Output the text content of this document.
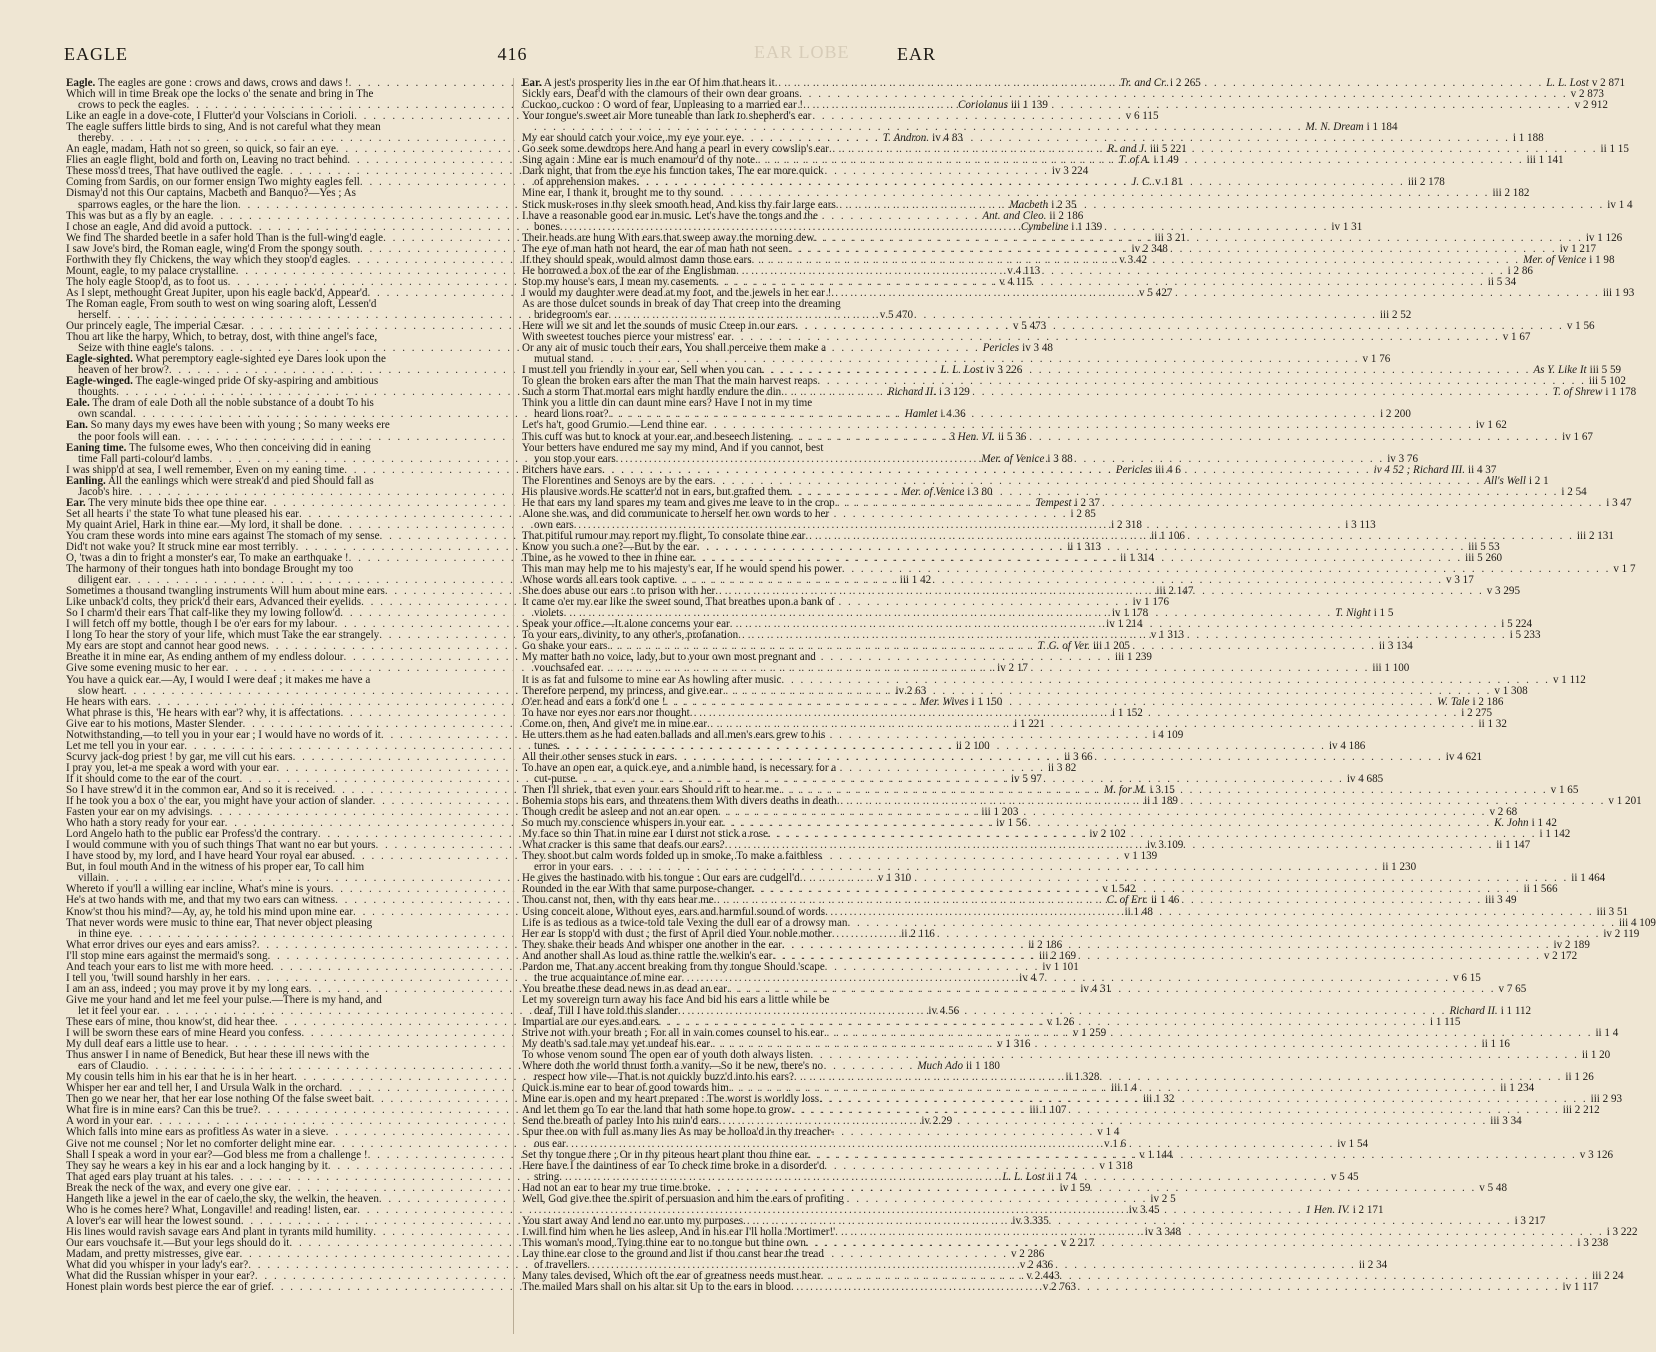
EAGLE	416	EAR
EAR LOBE
Eagle. The eagles are gone : crows and daws, crows and daws ! . . .	Tr. and Cr. i 2 265
Which will in time Break ope the locks o' the senate and bring in The
crows to peck the eagles . . .	Coriolanus iii 1 139
Like an eagle in a dove-cote, I Flutter'd your Volscians in Corioli . . .	v 6 115
The eagle suffers little birds to sing, And is not careful what they mean
thereby . . .	T. Andron. iv 4 83
An eagle, madam, Hath not so green, so quick, so fair an eye . . .	R. and J. iii 5 221
Flies an eagle flight, bold and forth on, Leaving no tract behind . . .	T. of A. i 1 49
These moss'd trees, That have outlived the eagle . . .	iv 3 224
Coming from Sardis, on our former ensign Two mighty eagles fell . . .	J. C. v 1 81
Dismay'd not this Our captains, Macbeth and Banquo?—Yes ; As
sparrows eagles, or the hare the lion . . .	Macbeth i 2 35
This was but as a fly by an eagle . . .	Ant. and Cleo. ii 2 186
I chose an eagle, And did avoid a puttock . . .	Cymbeline i 1 139
We find The sharded beetle in a safer hold Than is the full-wing'd eagle . . .	iii 3 21
I saw Jove's bird, the Roman eagle, wing'd From the spongy south . . .	iv 2 348
Forthwith they fly Chickens, the way which they stoop'd eagles . . .	v 3 42
Mount, eagle, to my palace crystalline . . .	v 4 113
The holy eagle Stoop'd, as to foot us . . .	v 4 115
As I slept, methought Great Jupiter, upon his eagle back'd, Appear'd . . .	v 5 427
The Roman eagle, From south to west on wing soaring aloft, Lessen'd
herself . . .	v 5 470
Our princely eagle, The imperial Cæsar . . .	v 5 473
Thou art like the harpy, Which, to betray, dost, with thine angel's face,
Seize with thine eagle's talons . . .	Pericles iv 3 48
Eagle-sighted. What peremptory eagle-sighted eye Dares look upon the
heaven of her brow? . . .	L. L. Lost iv 3 226
Eagle-winged. The eagle-winged pride Of sky-aspiring and ambitious
thoughts . . .	Richard II. i 3 129
Eale. The dram of eale Doth all the noble substance of a doubt To his
own scandal . . .	Hamlet i 4 36
Ean. So many days my ewes have been with young ; So many weeks ere
the poor fools will ean . . .	3 Hen. VI. ii 5 36
Eaning time. The fulsome ewes, Who then conceiving did in eaning
time Fall parti-colour'd lambs . . .	Mer. of Venice i 3 88
I was shipp'd at sea, I well remember, Even on my eaning time . . .	Pericles iii 4 6
Eanling. All the eanlings which were streak'd and pied Should fall as
Jacob's hire . . .	Mer. of Venice i 3 80
Ear. The very minute bids thee ope thine ear . . .	Tempest i 2 37
Set all hearts i' the state To what tune pleased his ear . . .	i 2 85
My quaint Ariel, Hark in thine ear.—My lord, it shall be done . . .	i 2 318
You cram these words into mine ears against The stomach of my sense . . .	ii 1 106
Did't not wake you? It struck mine ear most terribly . . .	ii 1 313
O, 'twas a din to fright a monster's ear, To make an earthquake ! . . .	ii 1 314
The harmony of their tongues hath into bondage Brought my too
diligent ear . . .	iii 1 42
Sometimes a thousand twangling instruments Will hum about mine ears . . .	iii 2 147
Like unback'd colts, they prick'd their ears, Advanced their eyelids . . .	iv 1 176
So I charm'd their ears That calf-like they my lowing follow'd . . .	iv 1 178
I will fetch off my bottle, though I be o'er ears for my labour . . .	iv 1 214
I long To hear the story of your life, which must Take the ear strangely . . .	v 1 313
My ears are stopt and cannot hear good news . . .	T. G. of Ver. iii 1 205
Breathe it in mine ear, As ending anthem of my endless dolour . . .	iii 1 239
Give some evening music to her ear . . .	iv 2 17
You have a quick ear.—Ay, I would I were deaf ; it makes me have a
slow heart . . .	iv 2 63
He hears with ears . . .	Mer. Wives i 1 150
What phrase is this, 'He hears with ear'? why, it is affectations . . .	i 1 152
Give ear to his motions, Master Slender . . .	i 1 221
Notwithstanding,—to tell you in your ear ; I would have no words of it . . .	i 4 109
Let me tell you in your ear . . .	ii 2 100
Scurvy jack-dog priest ! by gar, me vill cut his ears . . .	ii 3 66
I pray you, let-a me speak a word with your ear . . .	ii 3 82
If it should come to the ear of the court . . .	iv 5 97
So I have strew'd it in the common ear, And so it is received . . .	M. for M. i 3 15
If he took you a box o' the ear, you might have your action of slander . . .	ii 1 189
Fasten your ear on my advisings . . .	iii 1 203
Who hath a story ready for your ear . . .	iv 1 56
Lord Angelo hath to the public ear Profess'd the contrary . . .	iv 2 102
I would commune with you of such things That want no ear but yours . . .	iv 3 109
I have stood by, my lord, and I have heard Your royal ear abused . . .	v 1 139
But, in foul mouth And in the witness of his proper ear, To call him
villain . . .	v 1 310
Whereto if you'll a willing ear incline, What's mine is yours . . .	v 1 542
He's at two hands with me, and that my two ears can witness . . .	C. of Err. ii 1 46
Know'st thou his mind?—Ay, ay, he told his mind upon mine ear . . .	ii 1 48
That never words were music to thine ear, That never object pleasing
in thine eye . . .	ii 2 116
What error drives our eyes and ears amiss? . . .	ii 2 186
I'll stop mine ears against the mermaid's song . . .	iii 2 169
And teach your ears to list me with more heed . . .	iv 1 101
I tell you, 'twill sound harshly in her ears . . .	iv 4 7
I am an ass, indeed ; you may prove it by my long ears . . .	iv 4 31
Give me your hand and let me feel your pulse.—There is my hand, and
let it feel your ear . . .	iv 4 56
These ears of mine, thou know'st, did hear thee . . .	v 1 26
I will be sworn these ears of mine Heard you confess . . .	v 1 259
My dull deaf ears a little use to hear . . .	v 1 316
Thus answer I in name of Benedick, But hear these ill news with the
ears of Claudio . . .	Much Ado ii 1 180
My cousin tells him in his ear that he is in her heart . . .	ii 1 328
Whisper her ear and tell her, I and Ursula Walk in the orchard . . .	iii 1 4
Then go we near her, that her ear lose nothing Of the false sweet bait . . .	iii 1 32
What fire is in mine ears? Can this be true? . . .	iii 1 107
A word in your ear . . .	iv 2 29
Which falls into mine ears as profitless As water in a sieve . . .	v 1 4
Give not me counsel ; Nor let no comforter delight mine ear . . .	v 1 6
Shall I speak a word in your ear?—God bless me from a challenge ! . . .	v 1 144
They say he wears a key in his ear and a lock hanging by it . . .	v 1 318
That aged ears play truant at his tales . . .	L. L. Lost ii 1 74
Break the neck of the wax, and every one give ear . . .	iv 1 59
Hangeth like a jewel in the ear of caelo,the sky, the welkin, the heaven . . .	iv 2 5
Who is he comes here? What, Longaville! and reading! listen, ear . . .	iv 3 45
A lover's ear will hear the lowest sound . . .	iv 3 335
His lines would ravish savage ears And plant in tyrants mild humility . . .	iv 3 348
Our ears vouchsafe it.—But your legs should do it . . .	v 2 217
Madam, and pretty mistresses, give ear . . .	v 2 286
What did you whisper in your lady's ear? . . .	v 2 436
What did the Russian whisper in your ear? . . .	v 2 443
Honest plain words best pierce the ear of grief . . .	v 2 763
Ear. A jest's prosperity lies in the ear Of him that hears it . . .	L. L. Lost v 2 871
Sickly ears, Deaf'd with the clamours of their own dear groans . . .	v 2 873
Cuckoo, cuckoo : O word of fear, Unpleasing to a married ear ! . . .	v 2 912
Your tongue's sweet air More tuneable than lark to shepherd's ear
. . .
M. N. Dream i 1 184
My ear should catch your voice, my eye your eye . . .	i 1 188
Go seek some dewdrops here And hang a pearl in every cowslip's ear . . .	ii 1 15
Sing again : Mine ear is much enamour'd of thy note . . .	iii 1 141
Dark night, that from the eye his function takes, The ear more quick
of apprehension makes . . .	iii 2 178
Mine ear, I thank it, brought me to thy sound . . .	iii 2 182
Stick musk-roses in thy sleek smooth head, And kiss thy fair large ears . . .	iv 1 4
I have a reasonable good ear in music. Let's have the tongs and the
bones . . .	iv 1 31
Their heads are hung With ears that sweep away the morning dew . . .	iv 1 126
The eye of man hath not heard, the ear of man hath not seen . . .	iv 1 217
If they should speak, would almost damn those ears . . .	Mer. of Venice i 1 98
He borrowed a box of the ear of the Englishman . . .	i 2 86
Stop my house's ears, I mean my casements . . .	ii 5 34
I would my daughter were dead at my foot, and the jewels in her ear ! . . .	iii 1 93
As are those dulcet sounds in break of day That creep into the dreaming
bridegroom's ear . . .	iii 2 52
Here will we sit and let the sounds of music Creep in our ears . . .	v 1 56
With sweetest touches pierce your mistress' ear . . .	v 1 67
Or any air of music touch their ears, You shall perceive them make a
mutual stand . . .	v 1 76
I must tell you friendly in your ear, Sell when you can . . .	As Y. Like It iii 5 59
To glean the broken ears after the man That the main harvest reaps . . .	iii 5 102
Such a storm That mortal ears might hardly endure the din . . .	T. of Shrew i 1 178
Think you a little din can daunt mine ears? Have I not in my time
heard lions roar? . . .	i 2 200
Let's ha't, good Grumio.—Lend thine ear . . .	iv 1 62
This cuff was but to knock at your ear, and beseech listening . . .	iv 1 67
Your betters have endured me say my mind, And if you cannot, best
you stop your ears . . .	iv 3 76
Pitchers have ears . . .	iv 4 52 ; Richard III. ii 4 37
The Florentines and Senoys are by the ears . . .	All's Well i 2 1
His plausive words He scatter'd not in ears, but grafted them . . .	i 2 54
He that ears my land spares my team and gives me leave to in the crop . . .	i 3 47
Alone she was, and did communicate to herself her own words to her
own ears . . .	i 3 113
That pitiful rumour may report my flight, To consolate thine ear . . .	iii 2 131
Know you such a one?—But by the ear . . .	iii 5 53
Thine, as he vowed to thee in thine ear . . .	iii 5 260
This man may help me to his majesty's ear, If he would spend his power . . .	v 1 7
Whose words all ears took captive . . .	v 3 17
She does abuse our ears : to prison with her . . .	v 3 295
It came o'er my ear like the sweet sound, That breathes upon a bank of
violets . . .	T. Night i 1 5
Speak your office.—It alone concerns your ear . . .	i 5 224
To your ears, divinity, to any other's, profanation . . .	i 5 233
Go shake your ears . . .	ii 3 134
My matter hath no voice, lady, but to your own most pregnant and
vouchsafed ear . . .	iii 1 100
It is as fat and fulsome to mine ear As howling after music . . .	v 1 112
Therefore perpend, my princess, and give ear . . .	v 1 308
O'er head and ears a fork'd one ! . . .	W. Tale i 2 186
To have nor eyes nor ears nor thought . . .	i 2 275
Come on, then, And give't me in mine ear . . .	ii 1 32
He utters them as he had eaten ballads and all men's ears grew to his
tunes . . .	iv 4 186
All their other senses stuck in ears . . .	iv 4 621
To have an open ear, a quick eye, and a nimble hand, is necessary for a
cut-purse . . .	iv 4 685
Then I'll shriek, that even your ears Should rift to hear me . . .	v 1 65
Bohemia stops his ears, and threatens them With divers deaths in death . . .	v 1 201
Though credit be asleep and not an ear open . . .	v 2 68
So much my conscience whispers in your ear . . .	K. John i 1 42
My face so thin That in mine ear I durst not stick a rose . . .	i 1 142
What cracker is this same that deafs our ears? . . .	ii 1 147
They shoot but calm words folded up in smoke, To make a faithless
error in your ears . . .	ii 1 230
He gives the bastinado with his tongue : Our ears are cudgell'd . . .	ii 1 464
Rounded in the ear With that same purpose-changer . . .	ii 1 566
Thou canst not, then, with thy ears hear me . . .	iii 3 49
Using conceit alone, Without eyes, ears and harmful sound of words . . .	iii 3 51
Life is as tedious as a twice-told tale Vexing the dull ear of a drowsy man . . .	iii 4 109
Her ear Is stopp'd with dust ; the first of April died Your noble mother . . .	iv 2 119
They shake their heads And whisper one another in the ear . . .	iv 2 189
And another shall As loud as thine rattle the welkin's ear . . .	v 2 172
Pardon me, That any accent breaking from thy tongue Should 'scape
the true acquaintance of mine ear . . .	v 6 15
You breathe these dead news in as dead an ear . . .	v 7 65
Let my sovereign turn away his face And bid his ears a little while be
deaf, Till I have told this slander . . .	Richard II. i 1 112
Impartial are our eyes and ears . . .	i 1 115
Strive not with your breath ; For all in vain comes counsel to his ear . . .	ii 1 4
My death's sad tale may yet undeaf his ear . . .	ii 1 16
To whose venom sound The open ear of youth doth always listen . . .	ii 1 20
Where doth the world thrust forth a vanity—So it be new, there's no
respect how vile—That is not quickly buzz'd into his ears? . . .	ii 1 26
Quick is mine ear to hear of good towards him . . .	ii 1 234
Mine ear is open and my heart prepared : The worst is worldly loss . . .	iii 2 93
And let them go To ear the land that hath some hope to grow . . .	iii 2 212
Send the breath of parley Into his ruin'd ears . . .	iii 3 34
Spur thee on with full as many lies As may be holloa'd in thy treacher-
ous ear . . .	iv 1 54
Set thy tongue there ; Or in thy piteous heart plant thou thine ear . . .	v 3 126
Here have I the daintiness of ear To check time broke in a disorder'd
string . . .	v 5 45
Had not an ear to hear my true time broke . . .	v 5 48
Well, God give thee the spirit of persuasion and him the ears of profiting
. . .
1 Hen. IV. i 2 171
You start away And lend no ear unto my purposes . . .	i 3 217
I will find him when he lies asleep, And in his ear I'll holla 'Mortimer!' . . .	i 3 222
This woman's mood, Tying thine ear to no tongue but thine own . . .	i 3 238
Lay thine ear close to the ground and list if thou canst hear the tread
of travellers . . .	ii 2 34
Many tales devised, Which oft the ear of greatness needs must hear . . .	iii 2 24
The mailed Mars shall on his altar sit Up to the ears in blood . . .	iv 1 117
